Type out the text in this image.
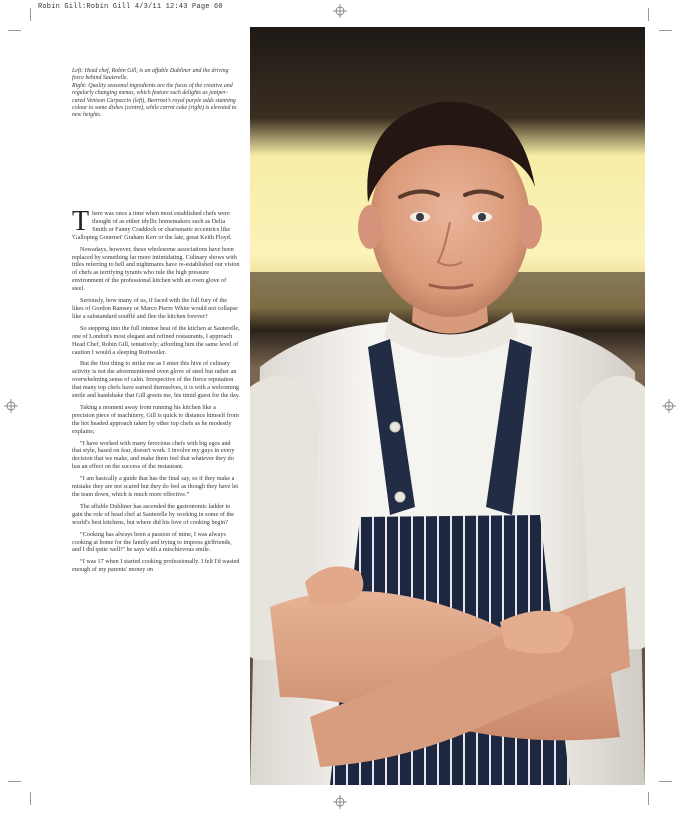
Robin Gill:Robin Gill 4/3/11 12:43 Page 60

Left: Head chef, Robin Gill, is an affable Dubliner and the driving force behind Sauterelle.

Right: Quality seasonal ingredients are the focus of the creative and regularly changing menus, which feature such delights as juniper-cured Venison Carpaccio (left), Beetroot's royal purple adds stunning colour to some dishes (centre), while carrot cake (right) is elevated to new heights.

There was once a time when most established chefs were thought of as either idyllic homemakers such as Delia Smith or Fanny Craddock or charismatic eccentrics like 'Galloping Gourmet' Graham Kerr or the late, great Keith Floyd.

Nowadays, however, these wholesome associations have been replaced by something far more intimidating. Culinary shows with titles referring to hell and nightmares have re-established our vision of chefs as terrifying tyrants who rule the high pressure environment of the professional kitchen with an oven glove of steel.

Seriously, how many of us, if faced with the full fury of the likes of Gordon Ramsey or Marco Pierre White would not collapse like a substandard soufflé and flee the kitchen forever?

So stepping into the full intense heat of the kitchen at Sauterelle, one of London's most elegant and refined restaurants, I approach Head Chef, Robin Gill, tentatively; affording him the same level of caution I would a sleeping Rottweiler.

But the first thing to strike me as I enter this hive of culinary activity is not the aforementioned oven glove of steel but rather an overwhelming sense of calm. Irrespective of the fierce reputation that many top chefs have earned themselves, it is with a welcoming smile and handshake that Gill greets me, his timid guest for the day.

Taking a moment away from running his kitchen like a precision piece of machinery, Gill is quick to distance himself from the hot headed approach taken by other top chefs as he modestly explains;

“I have worked with many ferocious chefs with big egos and that style, based on fear, doesn't work. I involve my guys in every decision that we make, and make them feel that whatever they do has an effect on the success of the restaurant.

“I am basically a guide that has the final say, so if they make a mistake they are not scared but they do feel as though they have let the team down, which is much more effective.”

The affable Dubliner has ascended the gastronomic ladder to gain the role of head chef at Sauterelle by working in some of the world's best kitchens, but where did his love of cooking begin?

“Cooking has always been a passion of mine, I was always cooking at home for the family and trying to impress girlfriends, and I did quite well!” he says with a mischievous smile.

“I was 17 when I started cooking professionally. I felt I'd wasted enough of my parents' money on
